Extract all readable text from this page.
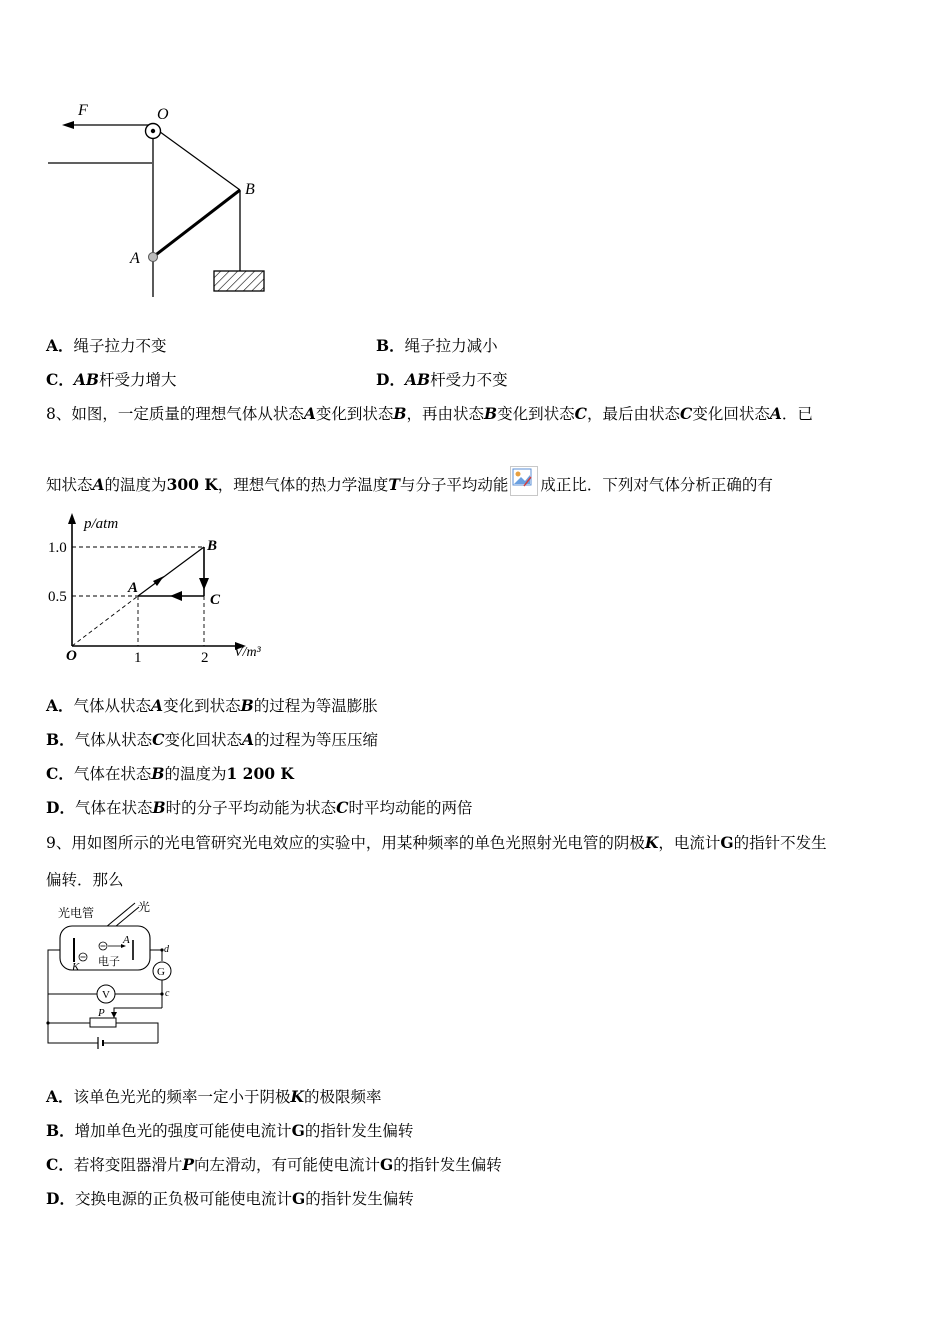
F	O
A
B
A．绳子拉力不变	B．绳子拉力减小
C．AB杆受力增大	D．AB杆受力不变
8、如图，一定质量的理想气体从状态A变化到状态B，再由状态B变化到状态C，最后由状态C变化回状态A．已
知状态A的温度为300 K，理想气体的热力学温度T与分子平均动能 成正比．下列对气体分析正确的有
p/atm
V/m³
O
1.0
0.5
1	2
A
B
C
A．气体从状态A变化到状态B的过程为等温膨胀
B．气体从状态C变化回状态A的过程为等压压缩
C．气体在状态B的温度为1 200 K
D．气体在状态B时的分子平均动能为状态C时平均动能的两倍
9、用如图所示的光电管研究光电效应的实验中，用某种频率的单色光照射光电管的阴极K，电流计G的指针不发生
偏转．那么
光电管	光
K
A
电子
d
G
c
V
P
A．该单色光光的频率一定小于阴极K的极限频率
B．增加单色光的强度可能使电流计G的指针发生偏转
C．若将变阻器滑片P向左滑动，有可能使电流计G的指针发生偏转
D．交换电源的正负极可能使电流计G的指针发生偏转
